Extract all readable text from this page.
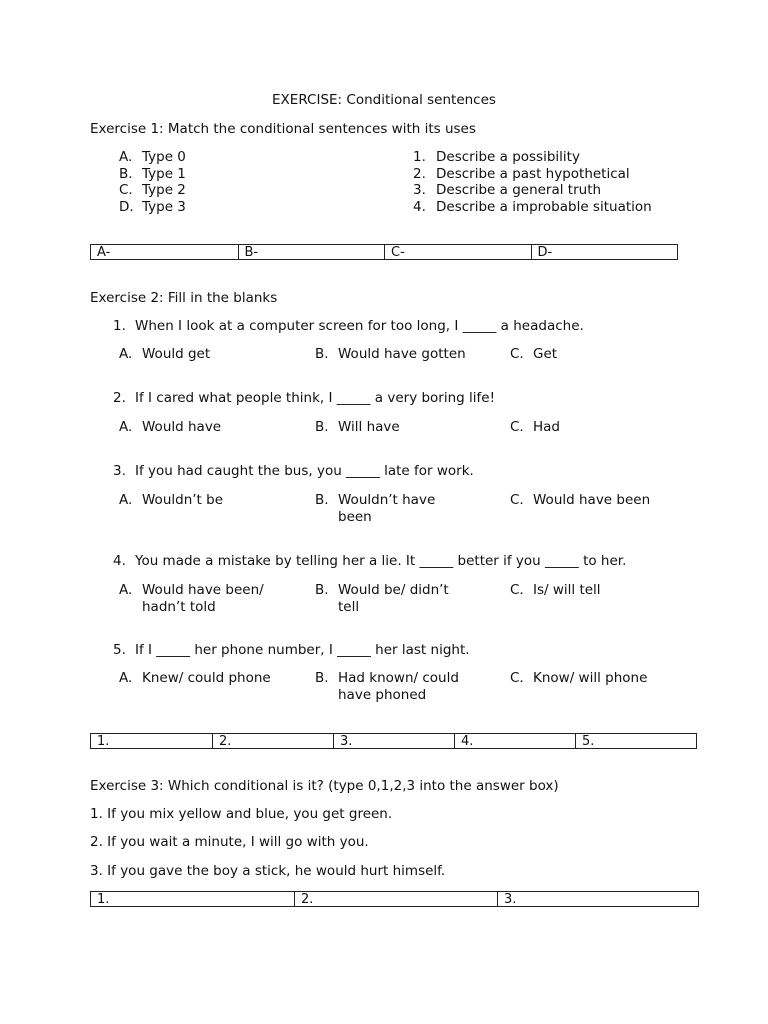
EXERCISE: Conditional sentences
Exercise 1: Match the conditional sentences with its uses
A. Type 0
B. Type 1
C. Type 2
D. Type 3
1. Describe a possibility
2. Describe a past hypothetical
3. Describe a general truth
4. Describe a improbable situation
A-	B-	C-	D-
Exercise 2: Fill in the blanks
1. When I look at a computer screen for too long, I _____ a headache.
A. Would get	B. Would have gotten	C. Get
2. If I cared what people think, I _____ a very boring life!
A. Would have	B. Will have	C. Had
3. If you had caught the bus, you _____ late for work.
A. Wouldn’t be	B. Wouldn’t have
been
C. Would have been
4. You made a mistake by telling her a lie. It _____ better if you _____ to her.
A. Would have been/
hadn’t told
B. Would be/ didn’t
tell
C. Is/ will tell
5. If I _____ her phone number, I _____ her last night.
A. Knew/ could phone	B. Had known/ could
have phoned
C. Know/ will phone
1.	2.	3.	4.	5.
Exercise 3: Which conditional is it? (type 0,1,2,3 into the answer box)
1. If you mix yellow and blue, you get green.
2. If you wait a minute, I will go with you.
3. If you gave the boy a stick, he would hurt himself.
1.	2.	3.
